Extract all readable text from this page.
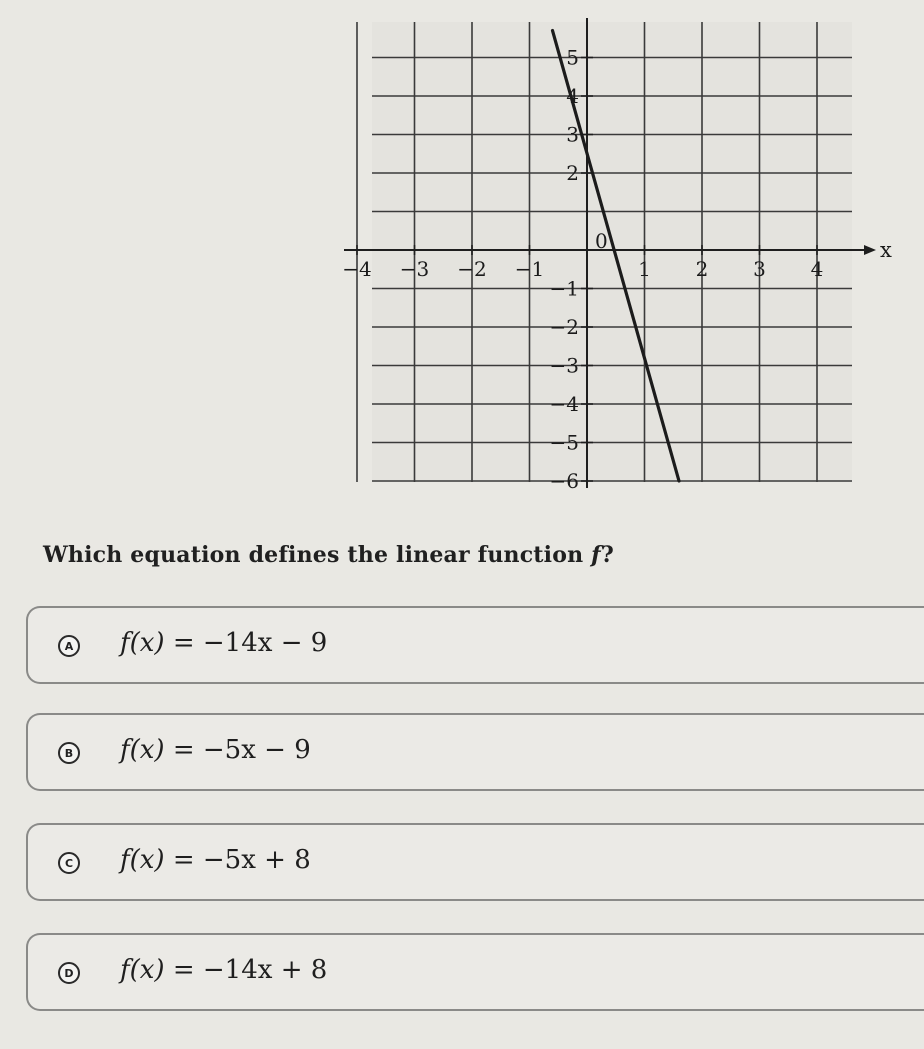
−4 −3 −2 −1	1 2 3 4
5
4
3
2
−1
−2
−3
−4
−5
−6
0	x
Which equation defines the linear function f?
A f(x) = −14x − 9
B f(x) = −5x − 9
C f(x) = −5x + 8
D f(x) = −14x + 8
